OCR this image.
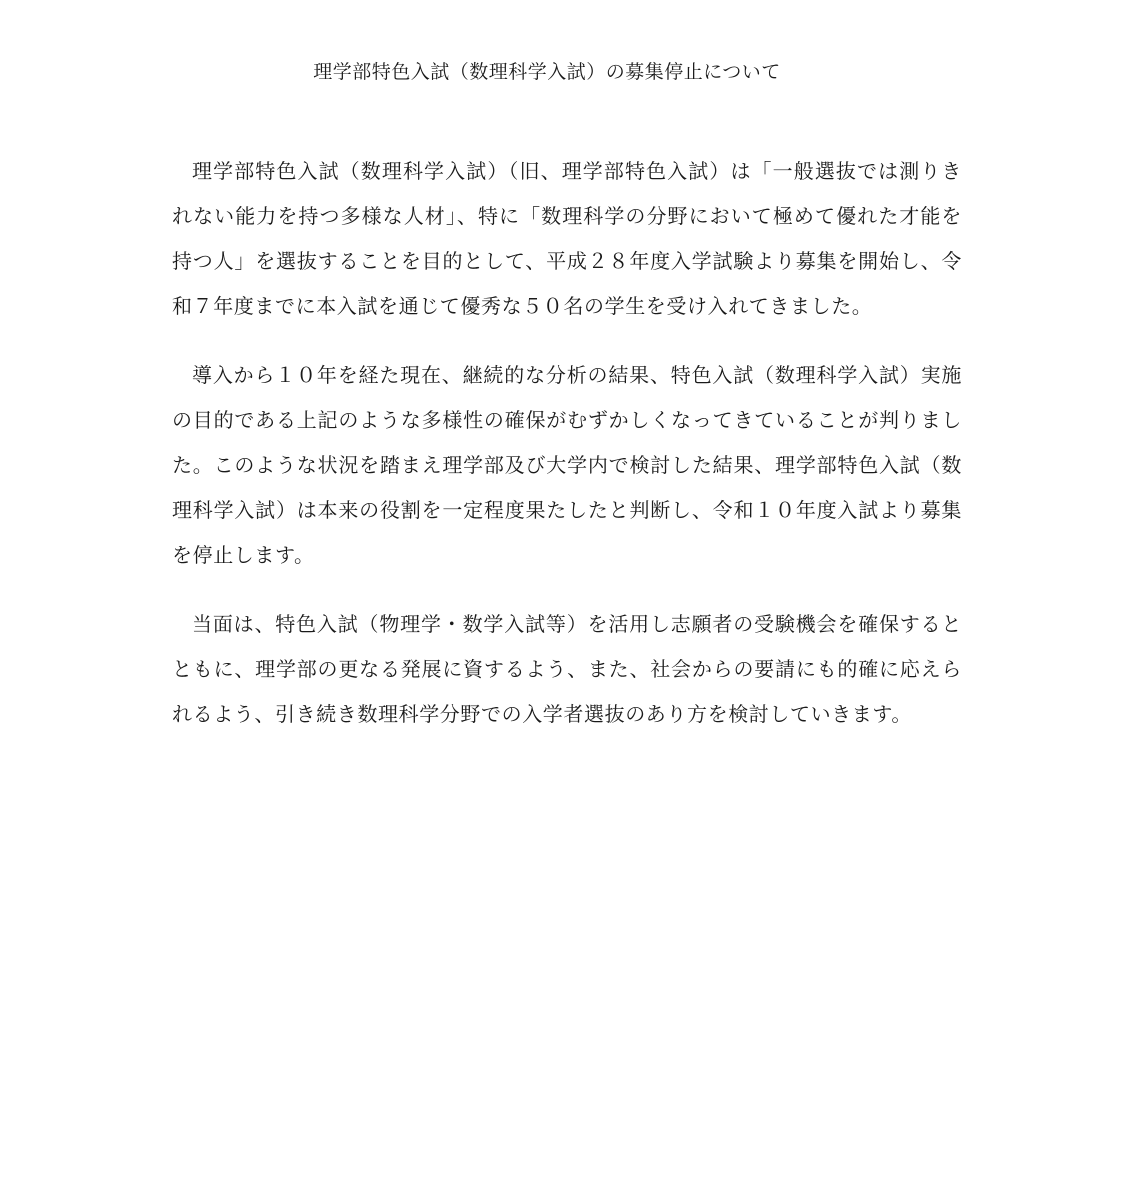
理学部特色入試（数理科学入試）の募集停止について

理学部特色入試（数理科学入試）（旧、理学部特色入試）は「一般選抜では測りきれない能力を持つ多様な人材」、特に「数理科学の分野において極めて優れた才能を持つ人」を選抜することを目的として、平成２８年度入学試験より募集を開始し、令和７年度までに本入試を通じて優秀な５０名の学生を受け入れてきました。

導入から１０年を経た現在、継続的な分析の結果、特色入試（数理科学入試）実施の目的である上記のような多様性の確保がむずかしくなってきていることが判りました。このような状況を踏まえ理学部及び大学内で検討した結果、理学部特色入試（数理科学入試）は本来の役割を一定程度果たしたと判断し、令和１０年度入試より募集を停止します。

当面は、特色入試（物理学・数学入試等）を活用し志願者の受験機会を確保するとともに、理学部の更なる発展に資するよう、また、社会からの要請にも的確に応えられるよう、引き続き数理科学分野での入学者選抜のあり方を検討していきます。
